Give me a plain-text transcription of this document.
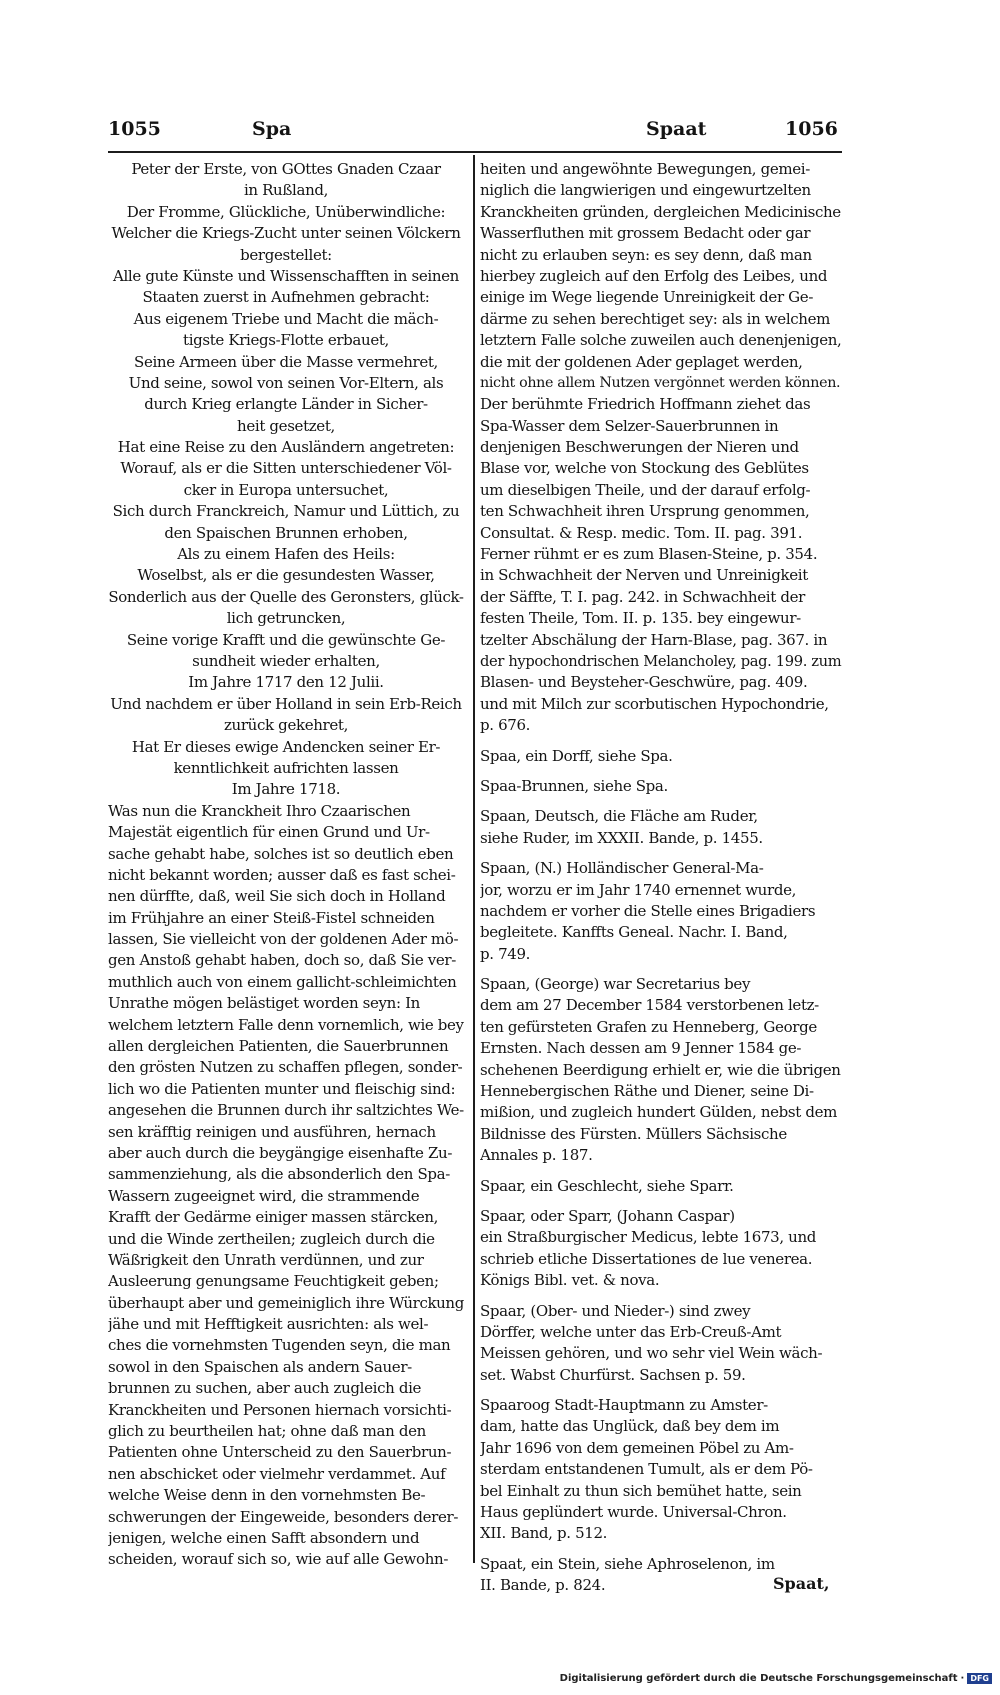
1055	Spa	Spaat	1056
Peter der Erste, von GOttes Gnaden Czaar
in Rußland,
Der Fromme, Glückliche, Unüberwindliche:
Welcher die Kriegs-Zucht unter seinen Völckern
bergestellet:
Alle gute Künste und Wissenschafften in seinen
Staaten zuerst in Aufnehmen gebracht:
Aus eigenem Triebe und Macht die mäch-
tigste Kriegs-Flotte erbauet,
Seine Armeen über die Masse vermehret,
Und seine, sowol von seinen Vor-Eltern, als
durch Krieg erlangte Länder in Sicher-
heit gesetzet,
Hat eine Reise zu den Ausländern angetreten:
Worauf, als er die Sitten unterschiedener Völ-
cker in Europa untersuchet,
Sich durch Franckreich, Namur und Lüttich, zu
den Spaischen Brunnen erhoben,
Als zu einem Hafen des Heils:
Woselbst, als er die gesundesten Wasser,
Sonderlich aus der Quelle des Geronsters, glück-
lich getruncken,
Seine vorige Krafft und die gewünschte Ge-
sundheit wieder erhalten,
Im Jahre 1717 den 12 Julii.
Und nachdem er über Holland in sein Erb-Reich
zurück gekehret,
Hat Er dieses ewige Andencken seiner Er-
kenntlichkeit aufrichten lassen
Im Jahre 1718.
Was nun die Kranckheit Ihro Czaarischen
Majestät eigentlich für einen Grund und Ur-
sache gehabt habe, solches ist so deutlich eben
nicht bekannt worden; ausser daß es fast schei-
nen dürffte, daß, weil Sie sich doch in Holland
im Frühjahre an einer Steiß-Fistel schneiden
lassen, Sie vielleicht von der goldenen Ader mö-
gen Anstoß gehabt haben, doch so, daß Sie ver-
muthlich auch von einem gallicht-schleimichten
Unrathe mögen belästiget worden seyn: In
welchem letztern Falle denn vornemlich, wie bey
allen dergleichen Patienten, die Sauerbrunnen
den grösten Nutzen zu schaffen pflegen, sonder-
lich wo die Patienten munter und fleischig sind:
angesehen die Brunnen durch ihr saltzichtes We-
sen kräfftig reinigen und ausführen, hernach
aber auch durch die beygängige eisenhafte Zu-
sammenziehung, als die absonderlich den Spa-
Wassern zugeeignet wird, die strammende
Krafft der Gedärme einiger massen stärcken,
und die Winde zertheilen; zugleich durch die
Wäßrigkeit den Unrath verdünnen, und zur
Ausleerung genungsame Feuchtigkeit geben;
überhaupt aber und gemeiniglich ihre Würckung
jähe und mit Hefftigkeit ausrichten: als wel-
ches die vornehmsten Tugenden seyn, die man
sowol in den Spaischen als andern Sauer-
brunnen zu suchen, aber auch zugleich die
Kranckheiten und Personen hiernach vorsichti-
glich zu beurtheilen hat; ohne daß man den
Patienten ohne Unterscheid zu den Sauerbrun-
nen abschicket oder vielmehr verdammet. Auf
welche Weise denn in den vornehmsten Be-
schwerungen der Eingeweide, besonders derer-
jenigen, welche einen Safft absondern und
scheiden, worauf sich so, wie auf alle Gewohn-
heiten und angewöhnte Bewegungen, gemei-
niglich die langwierigen und eingewurtzelten
Kranckheiten gründen, dergleichen Medicinische
Wasserfluthen mit grossem Bedacht oder gar
nicht zu erlauben seyn: es sey denn, daß man
hierbey zugleich auf den Erfolg des Leibes, und
einige im Wege liegende Unreinigkeit der Ge-
därme zu sehen berechtiget sey: als in welchem
letztern Falle solche zuweilen auch denenjenigen,
die mit der goldenen Ader geplaget werden,
nicht ohne allem Nutzen vergönnet werden können.
Der berühmte Friedrich Hoffmann ziehet das
Spa-Wasser dem Selzer-Sauerbrunnen in
denjenigen Beschwerungen der Nieren und
Blase vor, welche von Stockung des Geblütes
um dieselbigen Theile, und der darauf erfolg-
ten Schwachheit ihren Ursprung genommen,
Consultat. & Resp. medic. Tom. II. pag. 391.
Ferner rühmt er es zum Blasen-Steine, p. 354.
in Schwachheit der Nerven und Unreinigkeit
der Säffte, T. I. pag. 242. in Schwachheit der
festen Theile, Tom. II. p. 135. bey eingewur-
tzelter Abschälung der Harn-Blase, pag. 367. in
der hypochondrischen Melancholey, pag. 199. zum
Blasen- und Beysteher-Geschwüre, pag. 409.
und mit Milch zur scorbutischen Hypochondrie,
p. 676.
Spaa, ein Dorff, siehe Spa.
Spaa-Brunnen, siehe Spa.
Spaan, Deutsch, die Fläche am Ruder,
siehe Ruder, im XXXII. Bande, p. 1455.
Spaan, (N.) Holländischer General-Ma-
jor, worzu er im Jahr 1740 ernennet wurde,
nachdem er vorher die Stelle eines Brigadiers
begleitete. Kanffts Geneal. Nachr. I. Band,
p. 749.
Spaan, (George) war Secretarius bey
dem am 27 December 1584 verstorbenen letz-
ten gefürsteten Grafen zu Henneberg, George
Ernsten. Nach dessen am 9 Jenner 1584 ge-
schehenen Beerdigung erhielt er, wie die übrigen
Hennebergischen Räthe und Diener, seine Di-
mißion, und zugleich hundert Gülden, nebst dem
Bildnisse des Fürsten. Müllers Sächsische
Annales p. 187.
Spaar, ein Geschlecht, siehe Sparr.
Spaar, oder Sparr, (Johann Caspar)
ein Straßburgischer Medicus, lebte 1673, und
schrieb etliche Dissertationes de lue venerea.
Königs Bibl. vet. & nova.
Spaar, (Ober- und Nieder-) sind zwey
Dörffer, welche unter das Erb-Creuß-Amt
Meissen gehören, und wo sehr viel Wein wäch-
set. Wabst Churfürst. Sachsen p. 59.
Spaaroog Stadt-Hauptmann zu Amster-
dam, hatte das Unglück, daß bey dem im
Jahr 1696 von dem gemeinen Pöbel zu Am-
sterdam entstandenen Tumult, als er dem Pö-
bel Einhalt zu thun sich bemühet hatte, sein
Haus geplündert wurde. Universal-Chron.
XII. Band, p. 512.
Spaat, ein Stein, siehe Aphroselenon, im
II. Bande, p. 824.	Spaat,
Digitalisierung gefördert durch die Deutsche Forschungsgemeinschaft · DFG
